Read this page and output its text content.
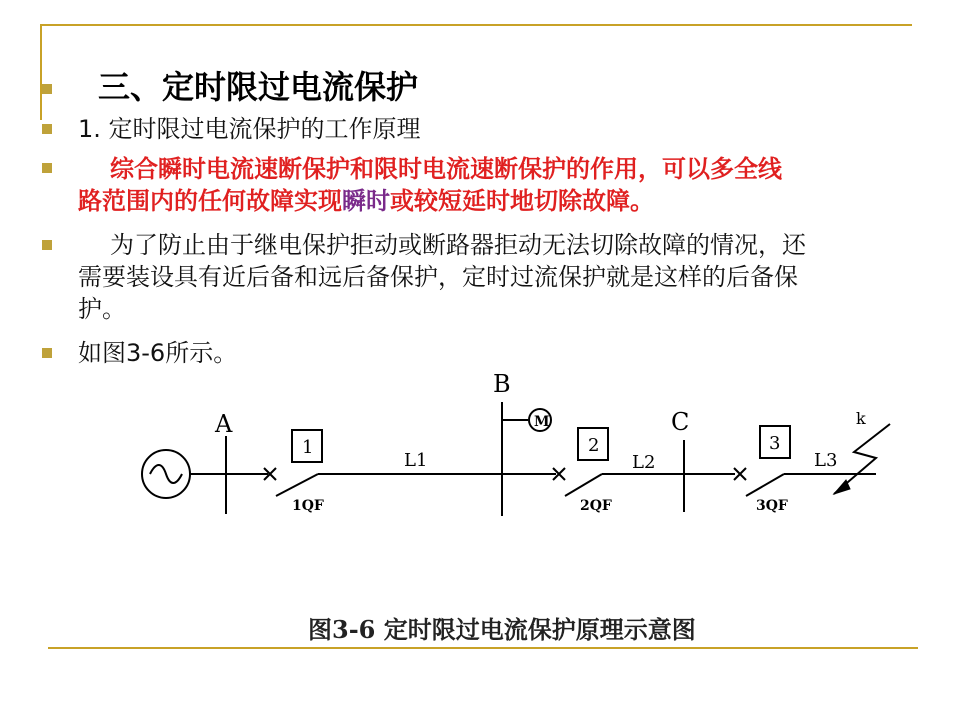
三、定时限过电流保护
1. 定时限过电流保护的工作原理
综合瞬时电流速断保护和限时电流速断保护的作用，可以多全线
路范围内的任何故障实现瞬时或较短延时地切除故障。
为了防止由于继电保护拒动或断路器拒动无法切除故障的情况，还
需要装设具有近后备和远后备保护，定时过流保护就是这样的后备保
护。
如图3-6所示。
A
1
L1
1QF
B
M
2
L2
2QF
C
3
L3
3QF
k
图3-6 定时限过电流保护原理示意图
